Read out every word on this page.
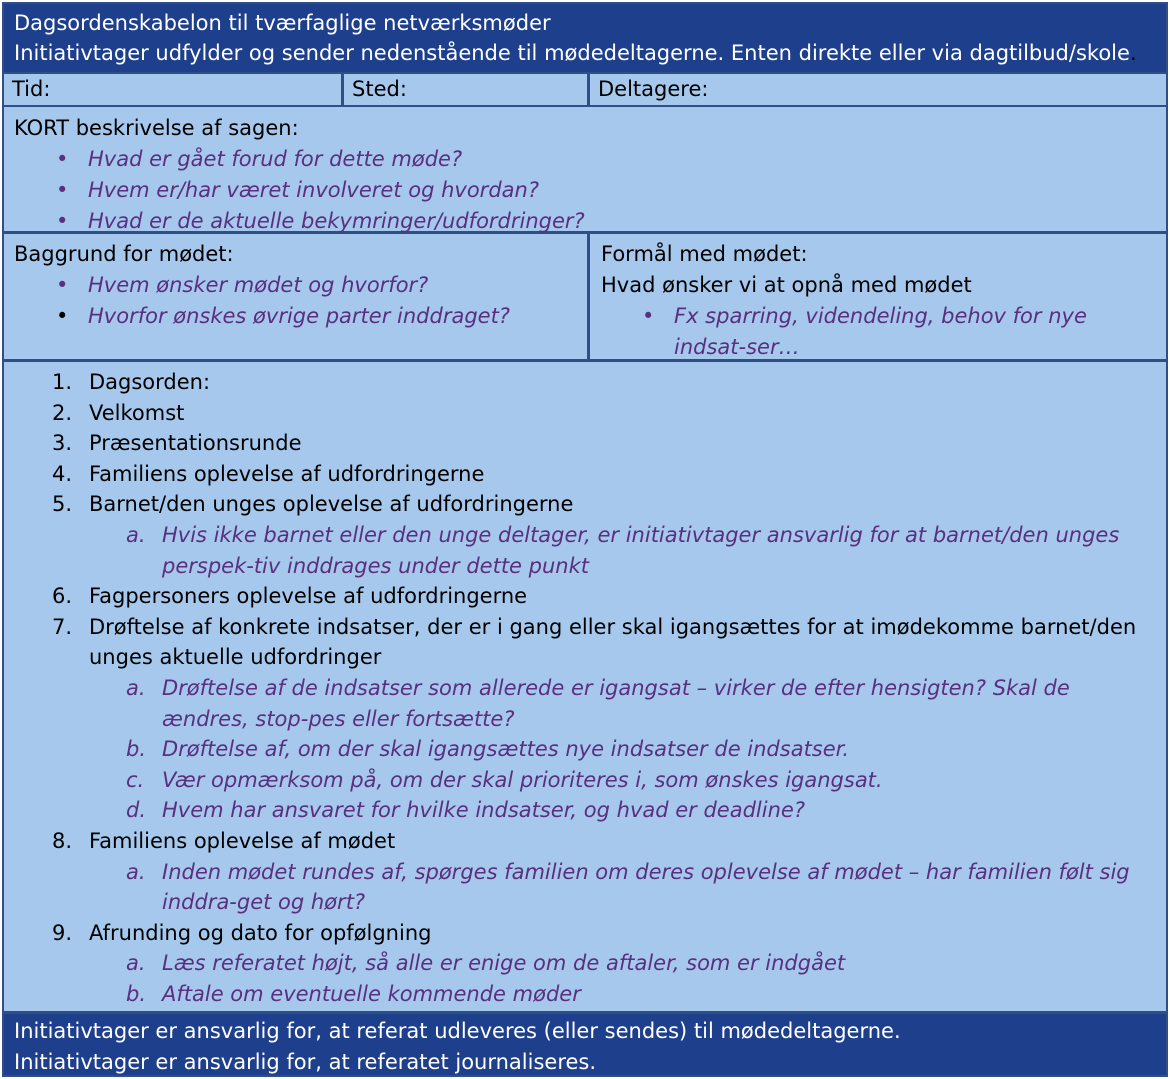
Dagsordenskabelon til tværfaglige netværksmøder
Initiativtager udfylder og sender nedenstående til mødedeltagerne. Enten direkte eller via dagtilbud/skole.
Tid:	Sted:	Deltagere:
KORT beskrivelse af sagen:
• Hvad er gået forud for dette møde?
• Hvem er/har været involveret og hvordan?
• Hvad er de aktuelle bekymringer/udfordringer?
Baggrund for mødet:
• Hvem ønsker mødet og hvorfor?
• Hvorfor ønskes øvrige parter inddraget?
Formål med mødet:
Hvad ønsker vi at opnå med mødet
• Fx sparring, videndeling, behov for nye indsat-ser…
1. Dagsorden:
2. Velkomst
3. Præsentationsrunde
4. Familiens oplevelse af udfordringerne
5. Barnet/den unges oplevelse af udfordringerne
a. Hvis ikke barnet eller den unge deltager, er initiativtager ansvarlig for at barnet/den unges perspek-tiv inddrages under dette punkt
6. Fagpersoners oplevelse af udfordringerne
7. Drøftelse af konkrete indsatser, der er i gang eller skal igangsættes for at imødekomme barnet/den unges aktuelle udfordringer
a. Drøftelse af de indsatser som allerede er igangsat – virker de efter hensigten? Skal de ændres, stop-pes eller fortsætte?
b. Drøftelse af, om der skal igangsættes nye indsatser de indsatser.
c. Vær opmærksom på, om der skal prioriteres i, som ønskes igangsat.
d. Hvem har ansvaret for hvilke indsatser, og hvad er deadline?
8. Familiens oplevelse af mødet
a. Inden mødet rundes af, spørges familien om deres oplevelse af mødet – har familien følt sig inddra-get og hørt?
9. Afrunding og dato for opfølgning
a. Læs referatet højt, så alle er enige om de aftaler, som er indgået
b. Aftale om eventuelle kommende møder
Initiativtager er ansvarlig for, at referat udleveres (eller sendes) til mødedeltagerne.
Initiativtager er ansvarlig for, at referatet journaliseres.
